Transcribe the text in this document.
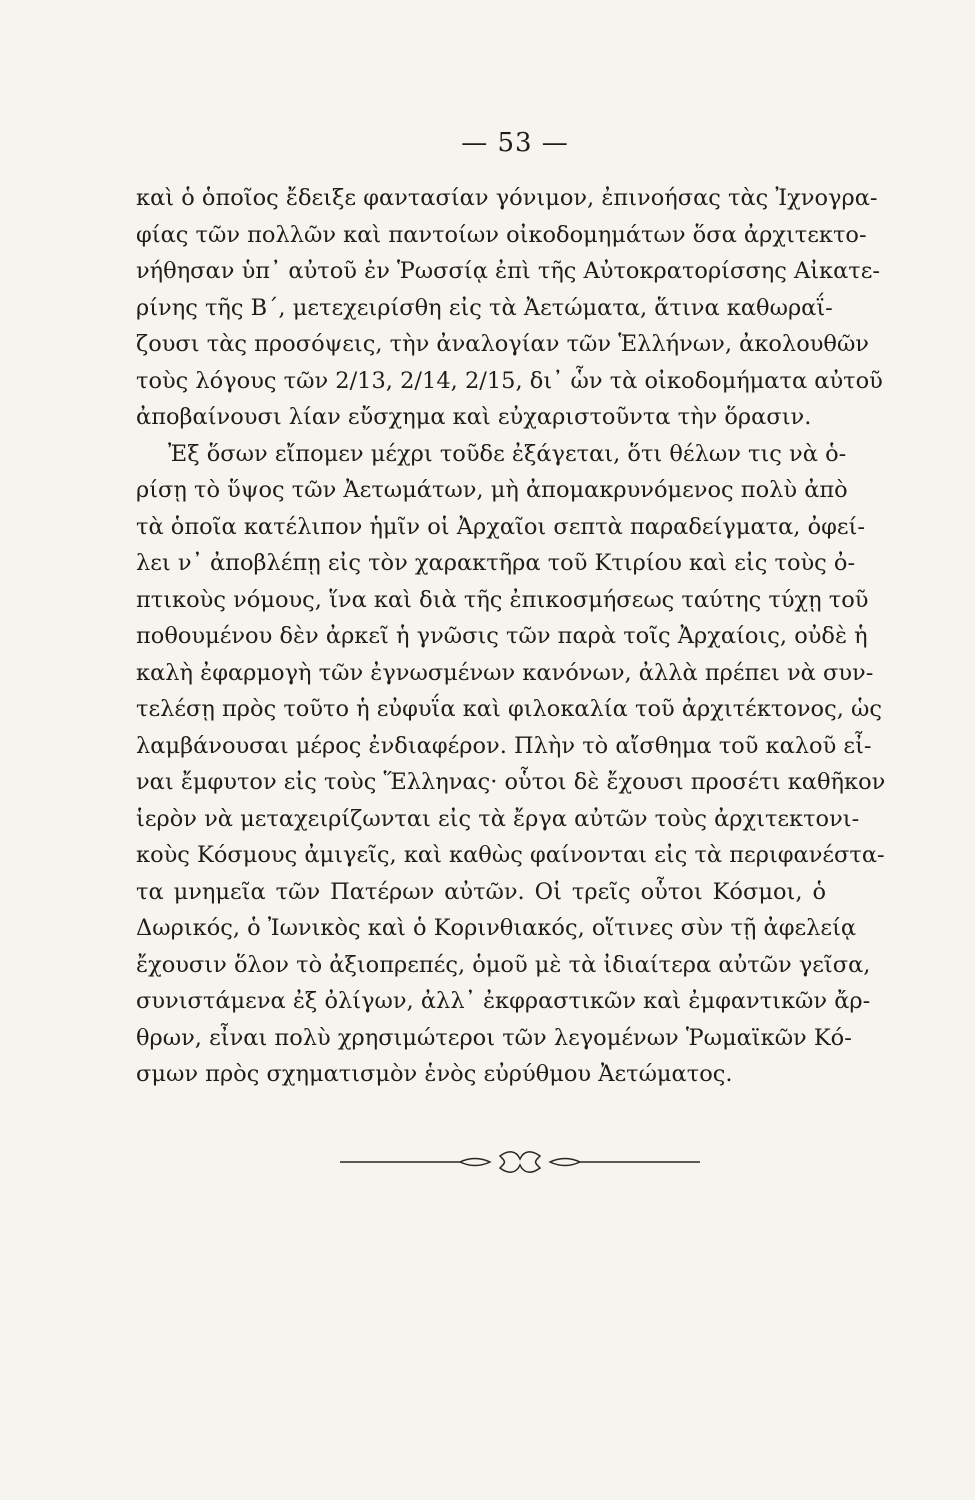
— 53 —
καὶ ὁ ὁποῖος ἔδειξε φαντασίαν γόνιμον, ἐπινοήσας τὰς Ἰχνογρα-
φίας τῶν πολλῶν καὶ παντοίων οἰκοδομημάτων ὅσα ἀρχιτεκτο-
νήθησαν ὑπ᾽ αὐτοῦ ἐν Ῥωσσίᾳ ἐπὶ τῆς Αὐτοκρατορίσσης Αἰκατε-
ρίνης τῆς Β΄, μετεχειρίσθη εἰς τὰ Ἀετώματα, ἅτινα καθωραΐ-
ζουσι τὰς προσόψεις, τὴν ἀναλογίαν τῶν Ἑλλήνων, ἀκολουθῶν
τοὺς λόγους τῶν 2/13, 2/14, 2/15, δι᾽ ὧν τὰ οἰκοδομήματα αὐτοῦ
ἀποβαίνουσι λίαν εὔσχημα καὶ εὐχαριστοῦντα τὴν ὅρασιν.
Ἐξ ὅσων εἴπομεν μέχρι τοῦδε ἐξάγεται, ὅτι θέλων τις νὰ ὁ-
ρίσῃ τὸ ὕψος τῶν Ἀετωμάτων, μὴ ἀπομακρυνόμενος πολὺ ἀπὸ
τὰ ὁποῖα κατέλιπον ἡμῖν οἱ Ἀρχαῖοι σεπτὰ παραδείγματα, ὀφεί-
λει ν᾽ ἀποβλέπῃ εἰς τὸν χαρακτῆρα τοῦ Κτιρίου καὶ εἰς τοὺς ὀ-
πτικοὺς νόμους, ἵνα καὶ διὰ τῆς ἐπικοσμήσεως ταύτης τύχῃ τοῦ
ποθουμένου δὲν ἀρκεῖ ἡ γνῶσις τῶν παρὰ τοῖς Ἀρχαίοις, οὐδὲ ἡ
καλὴ ἐφαρμογὴ τῶν ἐγνωσμένων κανόνων, ἀλλὰ πρέπει νὰ συν-
τελέσῃ πρὸς τοῦτο ἡ εὐφυΐα καὶ φιλοκαλία τοῦ ἀρχιτέκτονος, ὡς
λαμβάνουσαι μέρος ἐνδιαφέρον. Πλὴν τὸ αἴσθημα τοῦ καλοῦ εἶ-
ναι ἔμφυτον εἰς τοὺς Ἕλληνας· οὗτοι δὲ ἔχουσι προσέτι καθῆκον
ἱερὸν νὰ μεταχειρίζωνται εἰς τὰ ἔργα αὐτῶν τοὺς ἀρχιτεκτονι-
κοὺς Κόσμους ἀμιγεῖς, καὶ καθὼς φαίνονται εἰς τὰ περιφανέστα-
τα μνημεῖα τῶν Πατέρων αὐτῶν. Οἱ τρεῖς οὗτοι Κόσμοι, ὁ
Δωρικός, ὁ Ἰωνικὸς καὶ ὁ Κορινθιακός, οἵτινες σὺν τῇ ἀφελείᾳ
ἔχουσιν ὅλον τὸ ἀξιοπρεπές, ὁμοῦ μὲ τὰ ἰδιαίτερα αὐτῶν γεῖσα,
συνιστάμενα ἐξ ὀλίγων, ἀλλ᾽ ἐκφραστικῶν καὶ ἐμφαντικῶν ἄρ-
θρων, εἶναι πολὺ χρησιμώτεροι τῶν λεγομένων Ῥωμαϊκῶν Κό-
σμων πρὸς σχηματισμὸν ἑνὸς εὐρύθμου Ἀετώματος.
